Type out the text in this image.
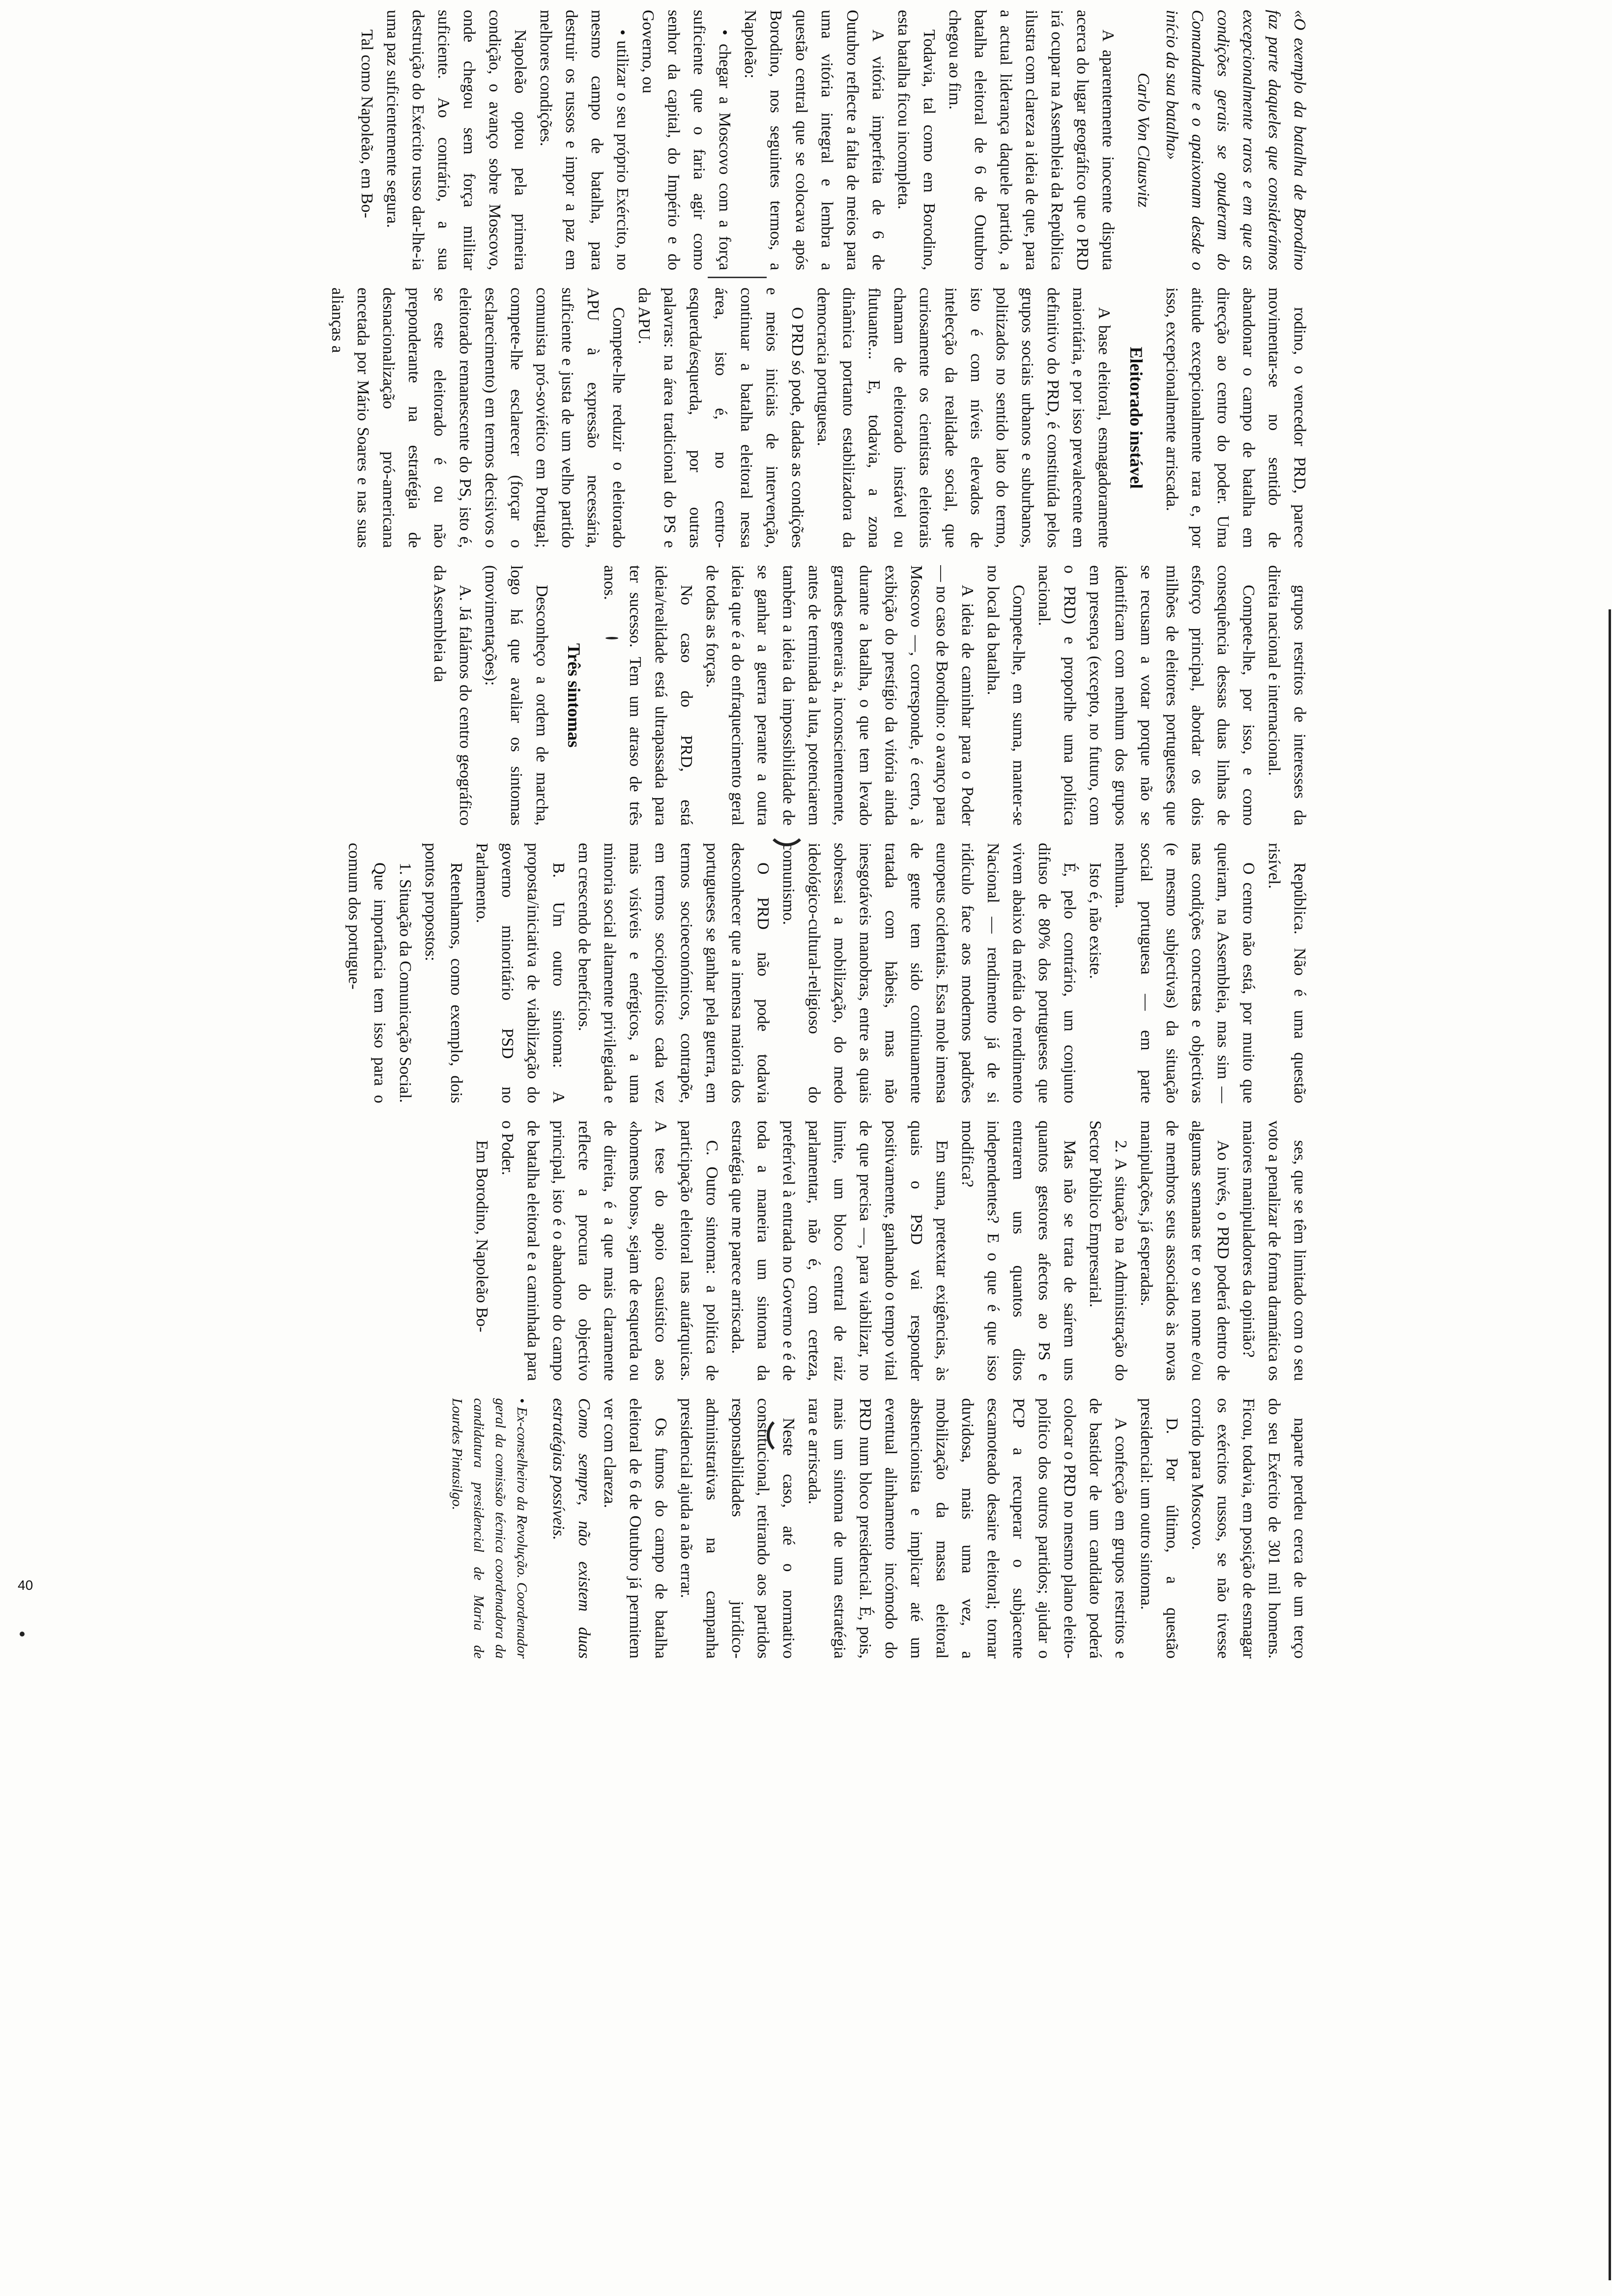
«O exemplo da batalha de Borodino faz parte daqueles que considerámos excepcionalmente raros e em que as condições gerais se opuderam do Comandante e o apaixonam desde o início da sua batalha»

Carlo Von Clausvitz

A aparentemente inocente disputa acerca do lugar geográfico que o PRD irá ocupar na Assembleia da República ilustra com clareza a ideia de que, para a actual liderança daquele partido, a batalha eleitoral de 6 de Outubro chegou ao fim.

Todavia, tal como em Borodino, esta batalha ficou incompleta.

A vitória imperfeita de 6 de Outubro reflecte a falta de meios para uma vitória integral e lembra a questão central que se colocava após Borodino, nos seguintes termos, a Napoleão:

• chegar a Moscovo com a força suficiente que o faria agir como senhor da capital, do Império e do Governo, ou

• utilizar o seu próprio Exército, no mesmo campo de batalha, para destruir os russos e impor a paz em melhores condições.

Napoleão optou pela primeira condição, o avanço sobre Moscovo, onde chegou sem força militar suficiente. Ao contrário, a sua destruição do Exército russo dar-lhe-ia uma paz suficientemente segura.

Tal como Napoleão, em Bo-

rodino, o vencedor PRD, parece movimentar-se no sentido de abandonar o campo de batalha em direcção ao centro do poder. Uma atitude excepcionalmente rara e, por isso, excepcionalmente arriscada.

Eleitorado instável

A base eleitoral, esmagadoramente maioritária, e por isso prevalecente em definitivo do PRD, é constituída pelos grupos sociais urbanos e suburbanos, politizados no sentido lato do termo, isto é com níveis elevados de intelecção da realidade social, que curiosamente os cientistas eleitorais chamam de eleitorado instável ou flutuante... E, todavia, a zona dinâmica portanto estabilizadora da democracia portuguesa.

O PRD só pode, dadas as condições e meios iniciais de intervenção, continuar a batalha eleitoral nessa área, isto é, no centro-esquerda/esquerda, por outras palavras: na área tradicional do PS e da APU.

Compete-lhe reduzir o eleitorado APU à expressão necessária, suficiente e justa de um velho partido comunista pró-soviético em Portugal; compete-lhe esclarecer (forçar o esclarecimento) em termos decisivos o eleitorado remanescente do PS, isto é, se este eleitorado é ou não preponderante na estratégia de desnacionalização pró-americana encetada por Mário Soares e nas suas alianças a

grupos restritos de interesses da direita nacional e internacional.

Compete-lhe, por isso, e como consequência dessas duas linhas de esforço principal, abordar os dois milhões de eleitores portugueses que se recusam a votar porque não se identificam com nenhum dos grupos em presença (excepto, no futuro, com o PRD) e proporlhe uma política nacional.

Compete-lhe, em suma, manter-se no local da batalha.

A ideia de caminhar para o Poder — no caso de Borodino: o avanço para Moscovo —, corresponde, é certo, à exibição do prestígio da vitória ainda durante a batalha, o que tem levado grandes generais a, inconscientemente, antes de terminada a luta, potenciarem também a ideia da impossibilidade de se ganhar a guerra perante a outra ideia que é a do enfraquecimento geral de todas as forças.

No caso do PRD, está ideia/realidade está ultrapassada para ter sucesso. Tem um atraso de três anos.

Três sintomas

Desconheço a ordem de marcha, logo há que avaliar os sintomas (movimentações):

A. Já falámos do centro geográfico da Assembleia da

República. Não é uma questão risível.

O centro não está, por muito que queiram, na Assembleia, mas sim — nas condições concretas e objectivas (e mesmo subjectivas) da situação social portuguesa — em parte nenhuma.

Isto é, não existe.

É, pelo contrário, um conjunto difuso de 80% dos portugueses que vivem abaixo da média do rendimento Nacional — rendimento já de si ridículo face aos modernos padrões europeus ocidentais. Essa mole imensa de gente tem sido continuamente tratada com hábeis, mas não inesgotáveis manobras, entre as quais sobressai a mobilização, do medo ideológico-cultural-religioso do comunismo.

O PRD não pode todavia desconhecer que a imensa maioria dos portugueses se ganhar pela guerra, em termos socioeconómicos, contrapõe, em termos sociopolíticos cada vez mais visíveis e enérgicos, a uma minoria social altamente privilegiada e em crescendo de benefícios.

B. Um outro sintoma: A proposta/iniciativa de viabilização do governo minoritário PSD no Parlamento.

Retenhamos, como exemplo, dois pontos propostos:

1. Situação da Comunicação Social.

Que importância tem isso para o comum dos portugue-

ses, que se têm limitado com o seu voto a penalizar de forma dramática os maiores manipuladores da opinião?

Ao invés, o PRD poderá dentro de algumas semanas ter o seu nome e/ou de membros seus associados às novas manipulações, já esperadas.

2. A situação na Administração do Sector Público Empresarial.

Mas não se trata de saírem uns quantos gestores afectos ao PS e entrarem uns quantos ditos independentes? E o que é que isso modifica?

Em suma, pretextar exigências, às quais o PSD vai responder positivamente, ganhando o tempo vital de que precisa —, para viabilizar, no limite, um bloco central de raiz parlamentar, não é, com certeza, preferível à entrada no Governo e é de toda a maneira um sintoma da estratégia que me parece arriscada.

C. Outro sintoma: a política de participação eleitoral nas autárquicas. A tese do apoio casuístico aos «homens bons», sejam de esquerda ou de direita, é a que mais claramente reflecte a procura do objectivo principal, isto é o abandono do campo de batalha eleitoral e a caminhada para o Poder.

Em Borodino, Napoleão Bo-

naparte perdeu cerca de um terço do seu Exército de 301 mil homens. Ficou, todavia, em posição de esmagar os exércitos russos, se não tivesse corrido para Moscovo.

D. Por último, a questão presidencial: um outro sintoma.

A confecção em grupos restritos e de bastidor de um candidato poderá colocar o PRD no mesmo plano eleito-político dos outros partidos; ajudar o PCP a recuperar o subjacente escamoteado desaire eleitoral; tornar duvidosa, mais uma vez, a mobilização da massa eleitoral abstencionista e implicar até um eventual alinhamento incómodo do PRD num bloco presidencial. É, pois, mais um sintoma de uma estratégia rara e arriscada.

Neste caso, até o normativo constitucional, retirando aos partidos responsabilidades jurídico-administrativas na campanha presidencial ajuda a não errar.

Os fumos do campo de batalha eleitoral de 6 de Outubro já permitem ver com clareza.

Como sempre, não existem duas estratégias possíveis.

• Ex-conselheiro da Revolução. Coordenador geral da comissão técnica coordenadora da candidatura presidencial de Maria de Lourdes Pintasilgo.

40
